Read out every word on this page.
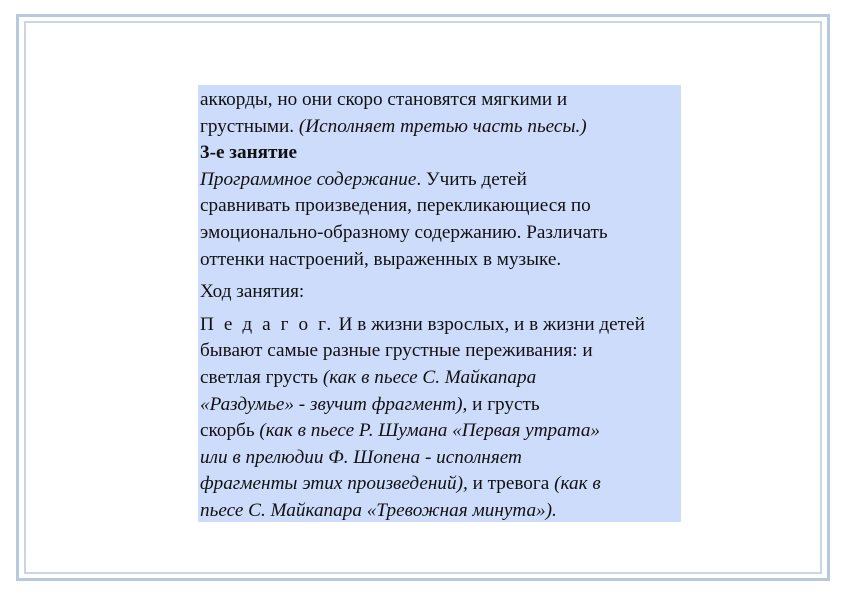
аккорды, но они скоро становятся мягкими и
грустными. (Исполняет третью часть пьесы.)

3-е занятие

Программное содержание. Учить детей
сравнивать произведения, перекликающиеся по
эмоционально-образному содержанию. Различать
оттенки настроений, выраженных в музыке.

Ход занятия:

П е д а г о г. И в жизни взрослых, и в жизни детей
бывают самые разные грустные переживания: и
светлая грусть (как в пьесе С. Майкапара
«Раздумье» - звучит фрагмент), и грусть
скорбь (как в пьесе Р. Шумана «Первая утрата»
или в прелюдии Ф. Шопена - исполняет
фрагменты этих произведений), и тревога (как в
пьесе С. Майкапара «Тревожная минута»).
